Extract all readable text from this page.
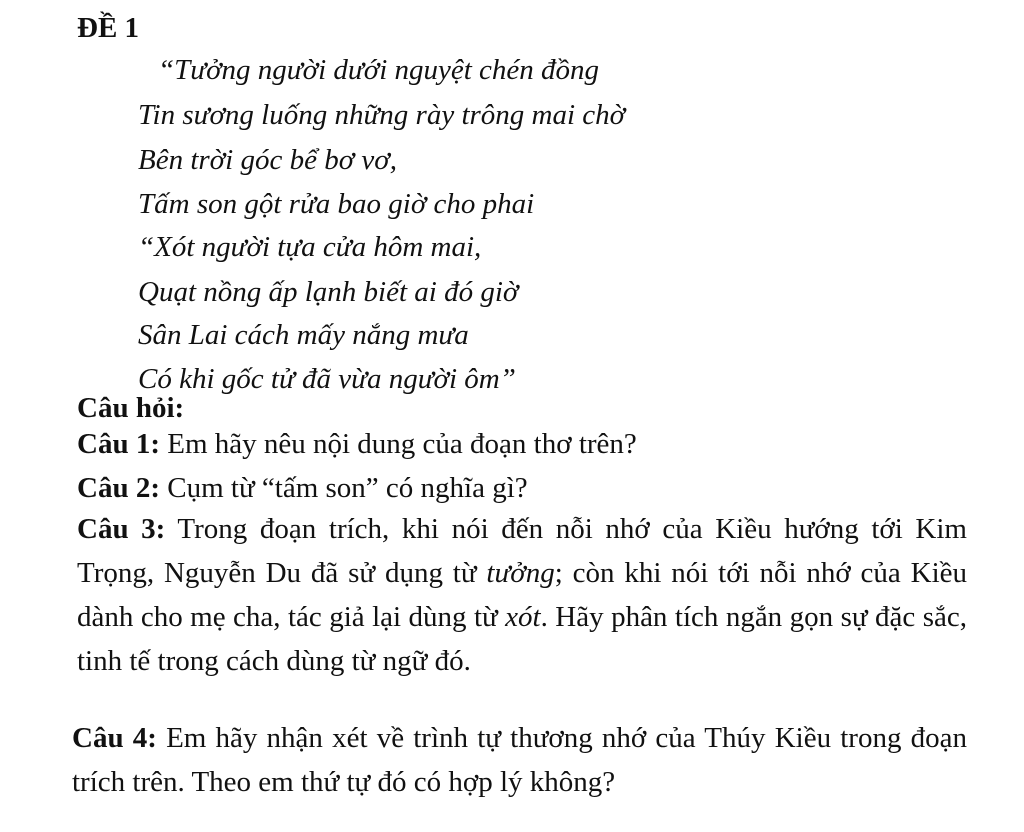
ĐỀ 1
“Tưởng người dưới nguyệt chén đồng
Tin sương luống những rày trông mai chờ
Bên trời góc bể bơ vơ,
Tấm son gột rửa bao giờ cho phai
“Xót người tựa cửa hôm mai,
Quạt nồng ấp lạnh biết ai đó giờ
Sân Lai cách mấy nắng mưa
Có khi gốc tử đã vừa người ôm”
Câu hỏi:

Câu 1: Em hãy nêu nội dung của đoạn thơ trên?

Câu 2: Cụm từ “tấm son” có nghĩa gì?

Câu 3: Trong đoạn trích, khi nói đến nỗi nhớ của Kiều hướng tới Kim Trọng, Nguyễn Du đã sử dụng từ tưởng; còn khi nói tới nỗi nhớ của Kiều dành cho mẹ cha, tác giả lại dùng từ xót. Hãy phân tích ngắn gọn sự đặc sắc, tinh tế trong cách dùng từ ngữ đó.

Câu 4: Em hãy nhận xét về trình tự thương nhớ của Thúy Kiều trong đoạn trích trên. Theo em thứ tự đó có hợp lý không?
